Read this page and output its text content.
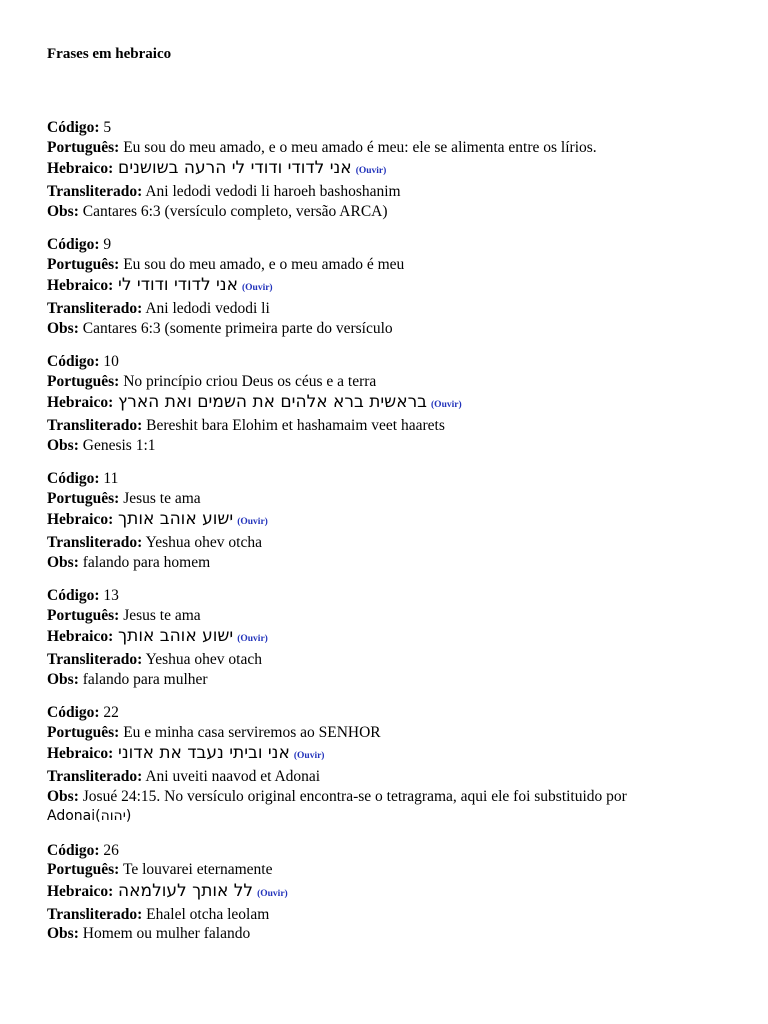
Frases em hebraico
Código: 5
Português: Eu sou do meu amado, e o meu amado é meu: ele se alimenta entre os lírios.
Hebraico: אני לדודי ודודי לי הרעה בשושנים (Ouvir)
Transliterado: Ani ledodi vedodi li haroeh bashoshanim
Obs: Cantares 6:3 (versículo completo, versão ARCA)
Código: 9
Português: Eu sou do meu amado, e o meu amado é meu
Hebraico: אני לדודי ודודי לי (Ouvir)
Transliterado: Ani ledodi vedodi li
Obs: Cantares 6:3 (somente primeira parte do versículo
Código: 10
Português: No princípio criou Deus os céus e a terra
Hebraico: בראשית ברא אלהים את השמים ואת הארץ (Ouvir)
Transliterado: Bereshit bara Elohim et hashamaim veet haarets
Obs: Genesis 1:1
Código: 11
Português: Jesus te ama
Hebraico: ישוע אוהב אותך (Ouvir)
Transliterado: Yeshua ohev otcha
Obs: falando para homem
Código: 13
Português: Jesus te ama
Hebraico: ישוע אוהב אותך (Ouvir)
Transliterado: Yeshua ohev otach
Obs: falando para mulher
Código: 22
Português: Eu e minha casa serviremos ao SENHOR
Hebraico: אני וביתי נעבד את אדוני (Ouvir)
Transliterado: Ani uveiti naavod et Adonai
Obs: Josué 24:15. No versículo original encontra-se o tetragrama, aqui ele foi substituido por
Adonai(יהוה)
Código: 26
Português: Te louvarei eternamente
Hebraico: לל אותך לעולמאה (Ouvir)
Transliterado: Ehalel otcha leolam
Obs: Homem ou mulher falando
